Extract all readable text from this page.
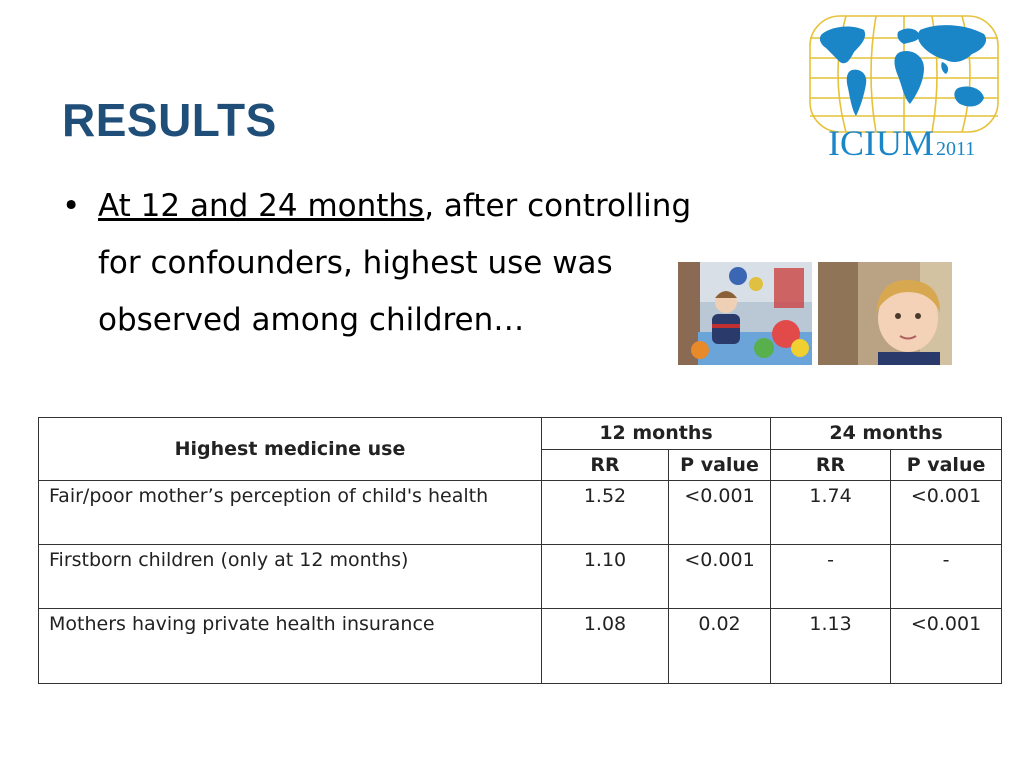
RESULTS
• At 12 and 24 months, after controlling
for confounders, highest use was
observed among children…
ICIUM 2011
Highest medicine use	12 months		24 months	
	RR	P value	RR	P value
Fair/poor mother’s perception of child's health	1.52	<0.001	1.74	<0.001
Firstborn children (only at 12 months)	1.10	<0.001	-	-
Mothers having private health insurance	1.08	0.02	1.13	<0.001
